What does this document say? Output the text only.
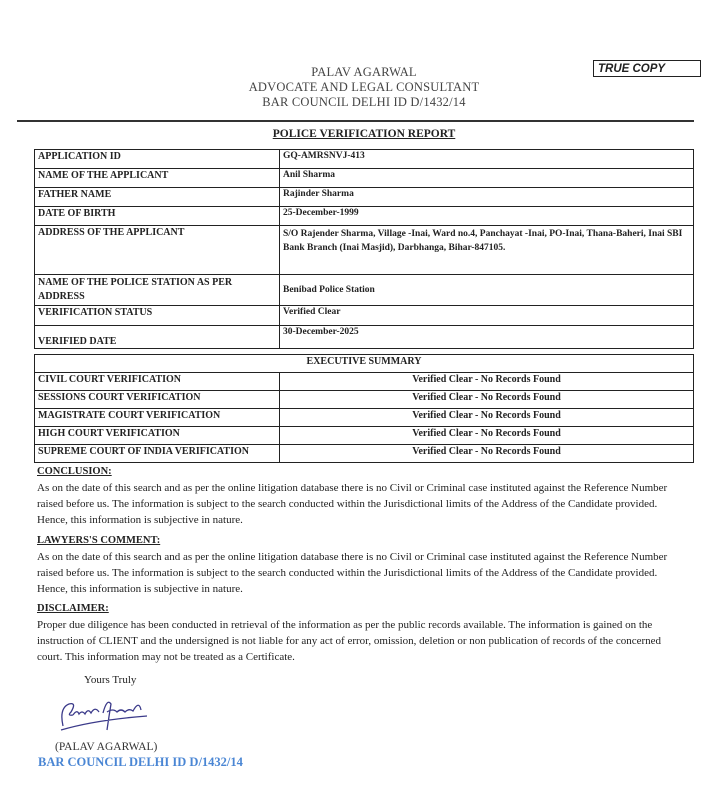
PALAV AGARWAL
ADVOCATE AND LEGAL CONSULTANT
BAR COUNCIL DELHI ID D/1432/14
TRUE COPY
POLICE VERIFICATION REPORT
APPLICATION ID	GQ-AMRSNVJ-413
NAME OF THE APPLICANT	Anil Sharma
FATHER NAME	Rajinder Sharma
DATE OF BIRTH	25-December-1999
ADDRESS OF THE APPLICANT	S/O Rajender Sharma, Village -Inai, Ward no.4, Panchayat -Inai, PO-Inai, Thana-Baheri, Inai SBI Bank Branch (Inai Masjid), Darbhanga, Bihar-847105.
NAME OF THE POLICE STATION AS PER ADDRESS	Benibad Police Station
VERIFICATION STATUS	Verified Clear
VERIFIED DATE	30-December-2025
EXECUTIVE SUMMARY	
CIVIL COURT VERIFICATION	Verified Clear - No Records Found
SESSIONS COURT VERIFICATION	Verified Clear - No Records Found
MAGISTRATE COURT VERIFICATION	Verified Clear - No Records Found
HIGH COURT VERIFICATION	Verified Clear - No Records Found
SUPREME COURT OF INDIA VERIFICATION	Verified Clear - No Records Found
CONCLUSION:

As on the date of this search and as per the online litigation database there is no Civil or Criminal case instituted against the Reference Number raised before us. The information is subject to the search conducted within the Jurisdictional limits of the Address of the Candidate provided. Hence, this information is subjective in nature.

LAWYERS'S COMMENT:

As on the date of this search and as per the online litigation database there is no Civil or Criminal case instituted against the Reference Number raised before us. The information is subject to the search conducted within the Jurisdictional limits of the Address of the Candidate provided. Hence, this information is subjective in nature.

DISCLAIMER:

Proper due diligence has been conducted in retrieval of the information as per the public records available. The information is gained on the instruction of CLIENT and the undersigned is not liable for any act of error, omission, deletion or non publication of records of the concerned court. This information may not be treated as a Certificate.

Yours Truly
(PALAV AGARWAL)
BAR COUNCIL DELHI ID D/1432/14
